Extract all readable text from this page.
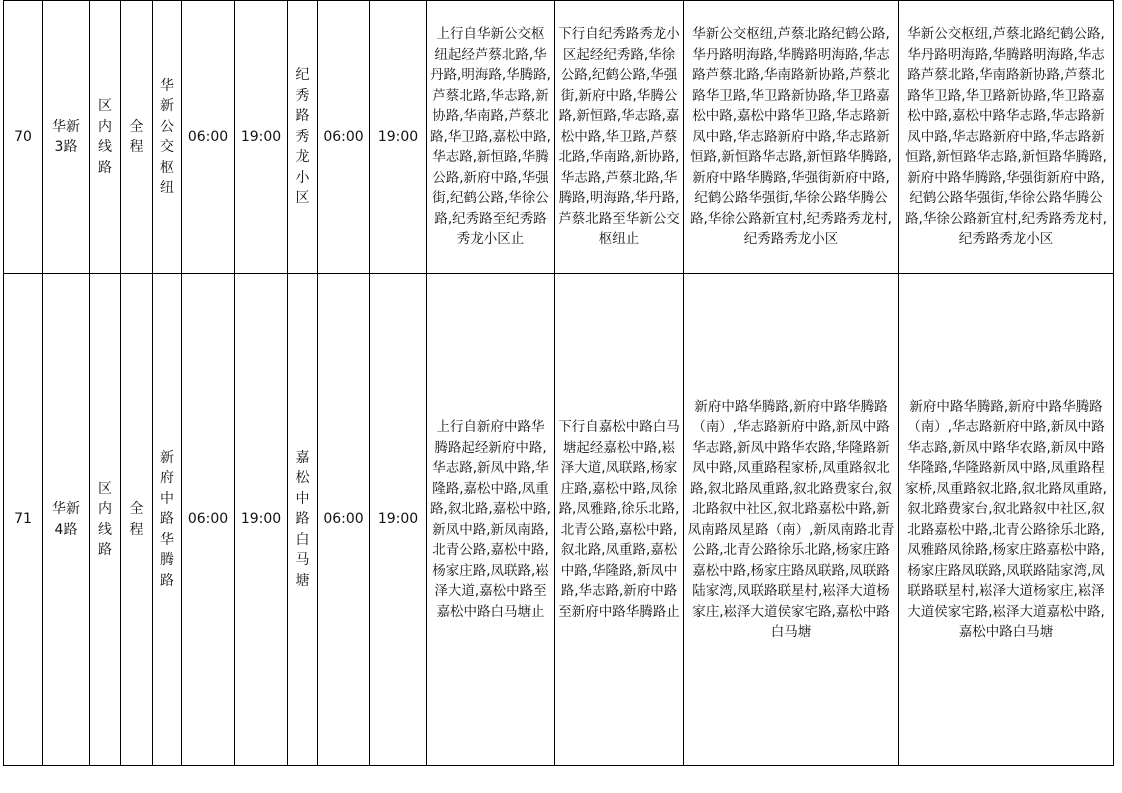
70	华新3路	区内线路	全程	华新公交枢纽	06:00	19:00	纪秀路秀龙小区	06:00	19:00	上行自华新公交枢纽起经芦蔡北路,华丹路,明海路,华腾路,芦蔡北路,华志路,新协路,华南路,芦蔡北路,华卫路,嘉松中路,华志路,新恒路,华腾公路,新府中路,华强街,纪鹤公路,华徐公路,纪秀路至纪秀路秀龙小区止	下行自纪秀路秀龙小区起经纪秀路,华徐公路,纪鹤公路,华强街,新府中路,华腾公路,新恒路,华志路,嘉松中路,华卫路,芦蔡北路,华南路,新协路,华志路,芦蔡北路,华腾路,明海路,华丹路,芦蔡北路至华新公交枢纽止	华新公交枢纽,芦蔡北路纪鹤公路,华丹路明海路,华腾路明海路,华志路芦蔡北路,华南路新协路,芦蔡北路华卫路,华卫路新协路,华卫路嘉松中路,嘉松中路华卫路,华志路新凤中路,华志路新府中路,华志路新恒路,新恒路华志路,新恒路华腾路,新府中路华腾路,华强街新府中路,纪鹤公路华强街,华徐公路华腾公路,华徐公路新宜村,纪秀路秀龙村,纪秀路秀龙小区	华新公交枢纽,芦蔡北路纪鹤公路,华丹路明海路,华腾路明海路,华志路芦蔡北路,华南路新协路,芦蔡北路华卫路,华卫路新协路,华卫路嘉松中路,嘉松中路华志路,华志路新凤中路,华志路新府中路,华志路新恒路,新恒路华志路,新恒路华腾路,新府中路华腾路,华强街新府中路,纪鹤公路华强街,华徐公路华腾公路,华徐公路新宜村,纪秀路秀龙村,纪秀路秀龙小区
71	华新4路	区内线路	全程	新府中路华腾路	06:00	19:00	嘉松中路白马塘	06:00	19:00	上行自新府中路华腾路起经新府中路,华志路,新凤中路,华隆路,嘉松中路,凤重路,叙北路,嘉松中路,新凤中路,新凤南路,北青公路,嘉松中路,杨家庄路,凤联路,崧泽大道,嘉松中路至嘉松中路白马塘止	下行自嘉松中路白马塘起经嘉松中路,崧泽大道,凤联路,杨家庄路,嘉松中路,凤徐路,凤雅路,徐乐北路,北青公路,嘉松中路,叙北路,凤重路,嘉松中路,华隆路,新凤中路,华志路,新府中路至新府中路华腾路止	新府中路华腾路,新府中路华腾路（南）,华志路新府中路,新凤中路华志路,新凤中路华农路,华隆路新凤中路,凤重路程家桥,凤重路叙北路,叙北路凤重路,叙北路费家台,叙北路叙中社区,叙北路嘉松中路,新凤南路凤星路（南）,新凤南路北青公路,北青公路徐乐北路,杨家庄路嘉松中路,杨家庄路凤联路,凤联路陆家湾,凤联路联星村,崧泽大道杨家庄,崧泽大道侯家宅路,嘉松中路白马塘	新府中路华腾路,新府中路华腾路（南）,华志路新府中路,新凤中路华志路,新凤中路华农路,新凤中路华隆路,华隆路新凤中路,凤重路程家桥,凤重路叙北路,叙北路凤重路,叙北路费家台,叙北路叙中社区,叙北路嘉松中路,北青公路徐乐北路,凤雅路凤徐路,杨家庄路嘉松中路,杨家庄路凤联路,凤联路陆家湾,凤联路联星村,崧泽大道杨家庄,崧泽大道侯家宅路,崧泽大道嘉松中路,嘉松中路白马塘
